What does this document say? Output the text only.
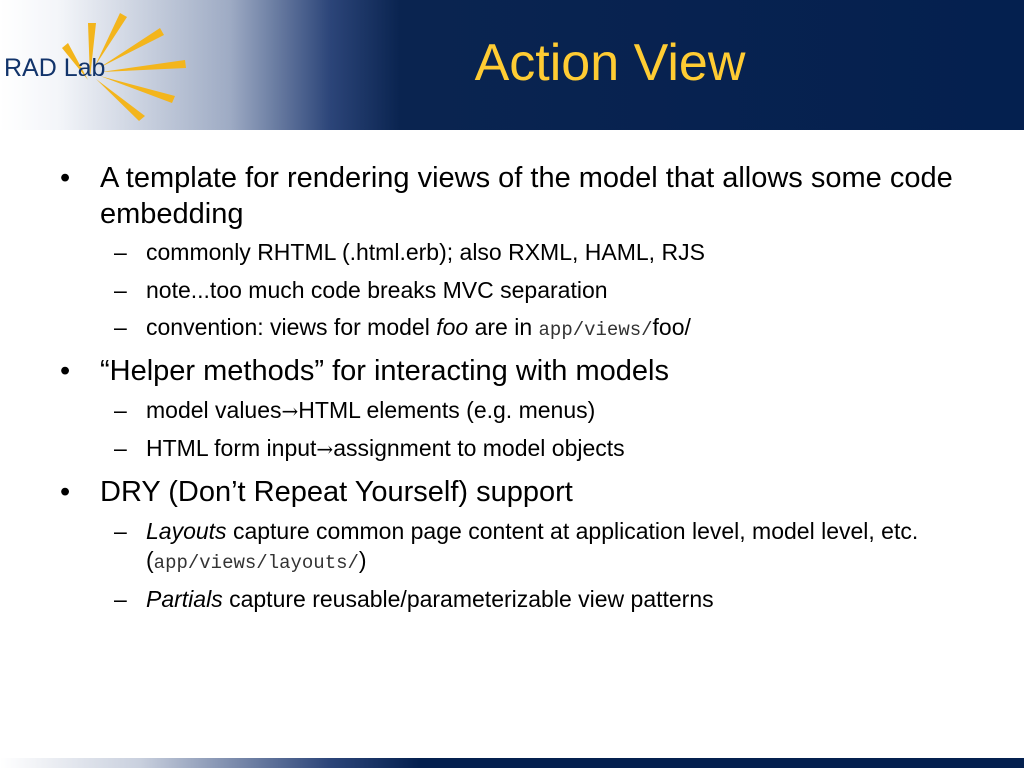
RAD Lab	Action View
• A template for rendering views of the model that allows some code embedding
– commonly RHTML (.html.erb); also RXML, HAML, RJS
– note...too much code breaks MVC separation
– convention: views for model foo are in app/views/foo/
• “Helper methods” for interacting with models
– model values→HTML elements (e.g. menus)
– HTML form input→assignment to model objects
• DRY (Don’t Repeat Yourself) support
– Layouts capture common page content at application level, model level, etc. (app/views/layouts/)
– Partials capture reusable/parameterizable view patterns
